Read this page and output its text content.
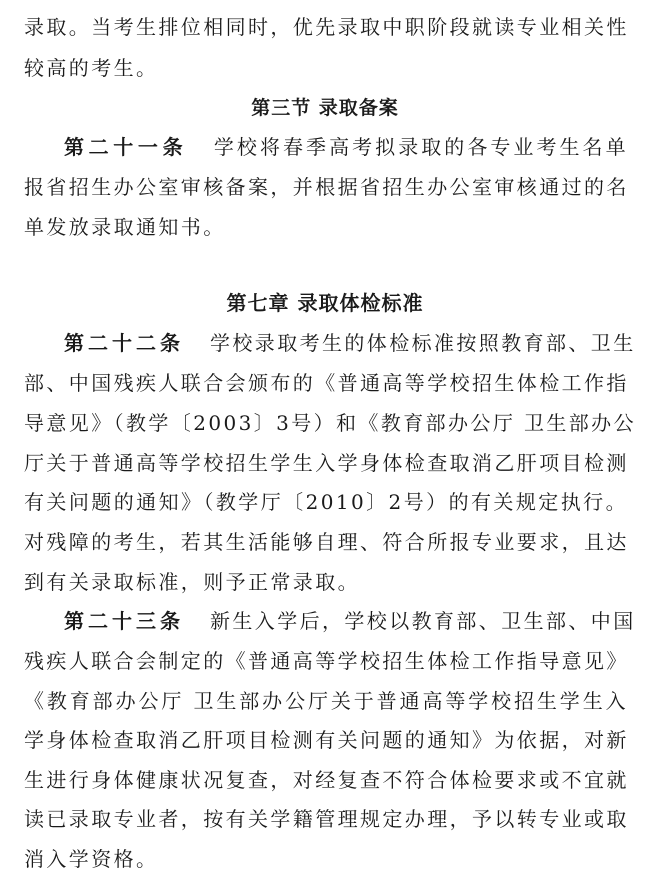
录取。当考生排位相同时，优先录取中职阶段就读专业相关性
较高的考生。
第三节 录取备案
第二十一条 学校将春季高考拟录取的各专业考生名单
报省招生办公室审核备案，并根据省招生办公室审核通过的名
单发放录取通知书。
第七章 录取体检标准
第二十二条 学校录取考生的体检标准按照教育部、卫生
部、中国残疾人联合会颁布的《普通高等学校招生体检工作指
导意见》（教学〔2003〕3号）和《教育部办公厅 卫生部办公
厅关于普通高等学校招生学生入学身体检查取消乙肝项目检测
有关问题的通知》（教学厅〔2010〕2号）的有关规定执行。
对残障的考生，若其生活能够自理、符合所报专业要求，且达
到有关录取标准，则予正常录取。
第二十三条 新生入学后，学校以教育部、卫生部、中国
残疾人联合会制定的《普通高等学校招生体检工作指导意见》
《教育部办公厅 卫生部办公厅关于普通高等学校招生学生入
学身体检查取消乙肝项目检测有关问题的通知》为依据，对新
生进行身体健康状况复查，对经复查不符合体检要求或不宜就
读已录取专业者，按有关学籍管理规定办理，予以转专业或取
消入学资格。
